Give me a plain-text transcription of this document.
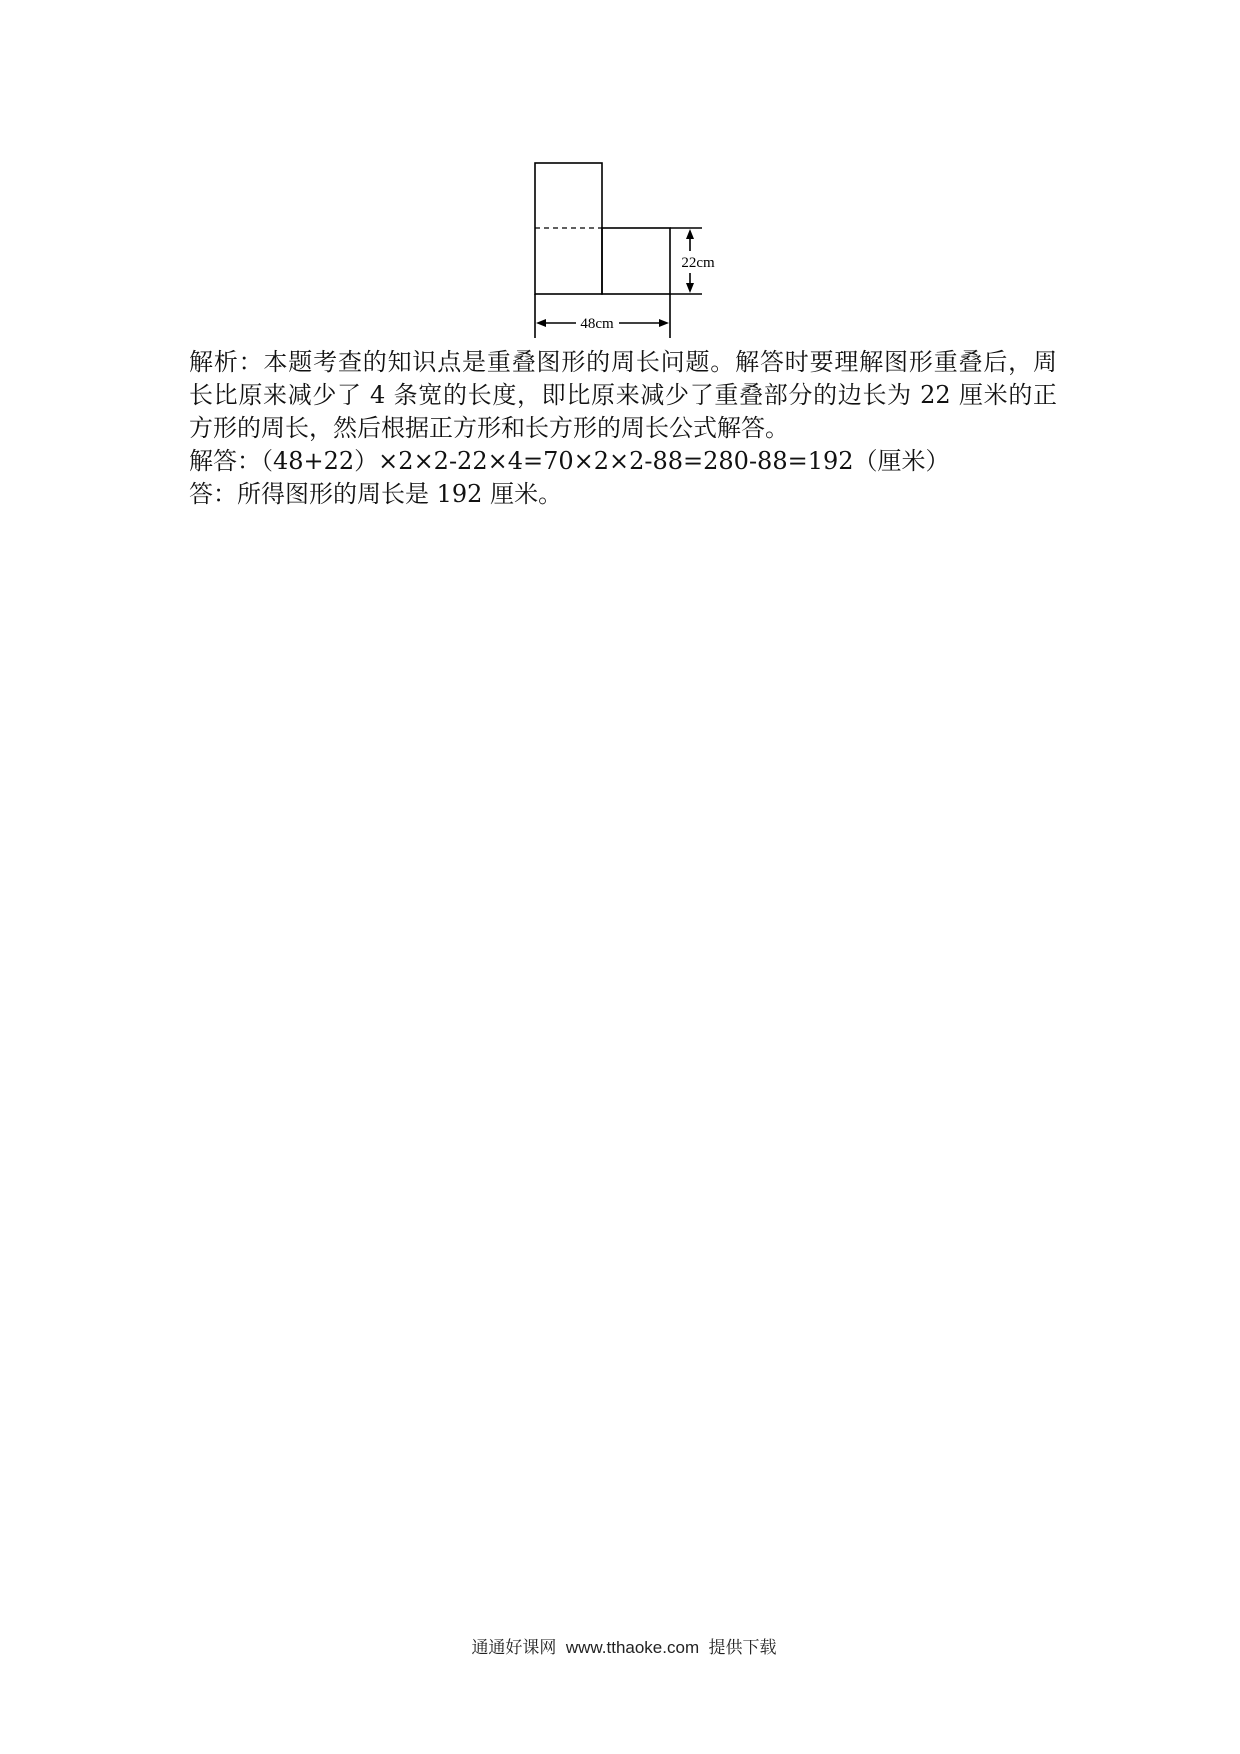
22cm
48cm
解析：本题考查的知识点是重叠图形的周长问题。解答时要理解图形重叠后，周
长比原来减少了 4 条宽的长度，即比原来减少了重叠部分的边长为 22 厘米的正
方形的周长，然后根据正方形和长方形的周长公式解答。
解答：（48+22）×2×2-22×4=70×2×2-88=280-88=192（厘米）
答：所得图形的周长是 192 厘米。
通通好课网  www.tthaoke.com  提供下载
